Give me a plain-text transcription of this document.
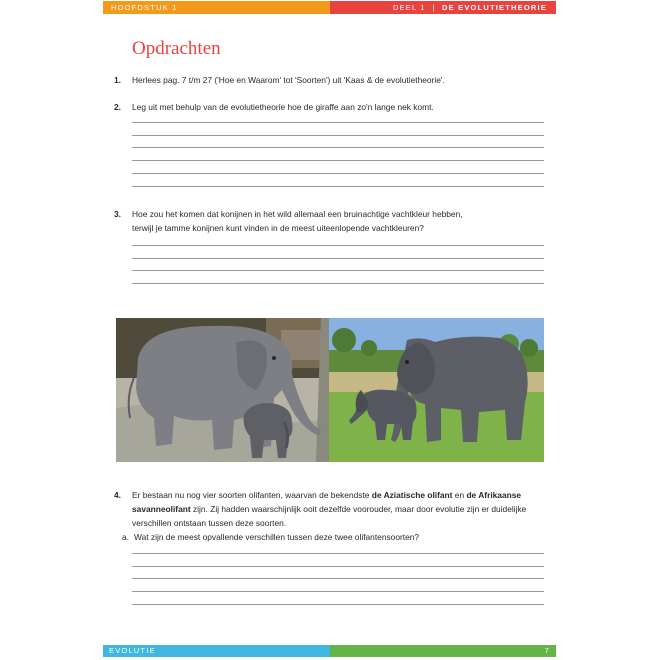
HOOFDSTUK 1	DEEL 1  |  DE EVOLUTIETHEORIE
Opdrachten
1. Herlees pag. 7 t/m 27 ('Hoe en Waarom' tot 'Soorten') uit 'Kaas & de evolutietheorie'.
2. Leg uit met behulp van de evolutietheorie hoe de giraffe aan zo'n lange nek komt.
3. Hoe zou het komen dat konijnen in het wild allemaal een bruinachtige vachtkleur hebben,
terwijl je tamme konijnen kunt vinden in de meest uiteenlopende vachtkleuren?
4. Er bestaan nu nog vier soorten olifanten, waarvan de bekendste de Aziatische olifant en de Afrikaanse
savanneolifant zijn. Zij hadden waarschijnlijk ooit dezelfde voorouder, maar door evolutie zijn er duidelijke
verschillen ontstaan tussen deze soorten.
a. Wat zijn de meest opvallende verschillen tussen deze twee olifantensoorten?
EVOLUTIE	7
